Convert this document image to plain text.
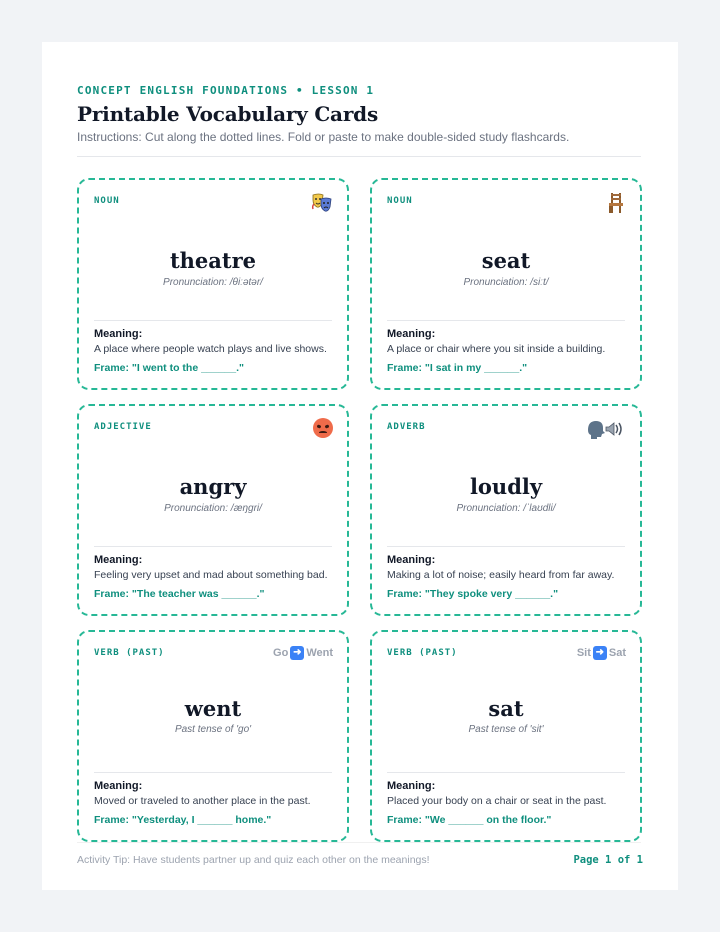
CONCEPT ENGLISH FOUNDATIONS • LESSON 1
Printable Vocabulary Cards
Instructions: Cut along the dotted lines. Fold or paste to make double-sided study flashcards.
NOUN
theatre
Pronunciation: /θiːətər/
Meaning:
A place where people watch plays and live shows.
Frame: "I went to the ______."
NOUN
seat
Pronunciation: /siːt/
Meaning:
A place or chair where you sit inside a building.
Frame: "I sat in my ______."
ADJECTIVE
angry
Pronunciation: /æŋgri/
Meaning:
Feeling very upset and mad about something bad.
Frame: "The teacher was ______."
ADVERB
loudly
Pronunciation: /ˈlaʊdli/
Meaning:
Making a lot of noise; easily heard from far away.
Frame: "They spoke very ______."
VERB (PAST)	Go ➜ Went
went
Past tense of 'go'
Meaning:
Moved or traveled to another place in the past.
Frame: "Yesterday, I ______ home."
VERB (PAST)	Sit ➜ Sat
sat
Past tense of 'sit'
Meaning:
Placed your body on a chair or seat in the past.
Frame: "We ______ on the floor."
Activity Tip: Have students partner up and quiz each other on the meanings!	Page 1 of 1
